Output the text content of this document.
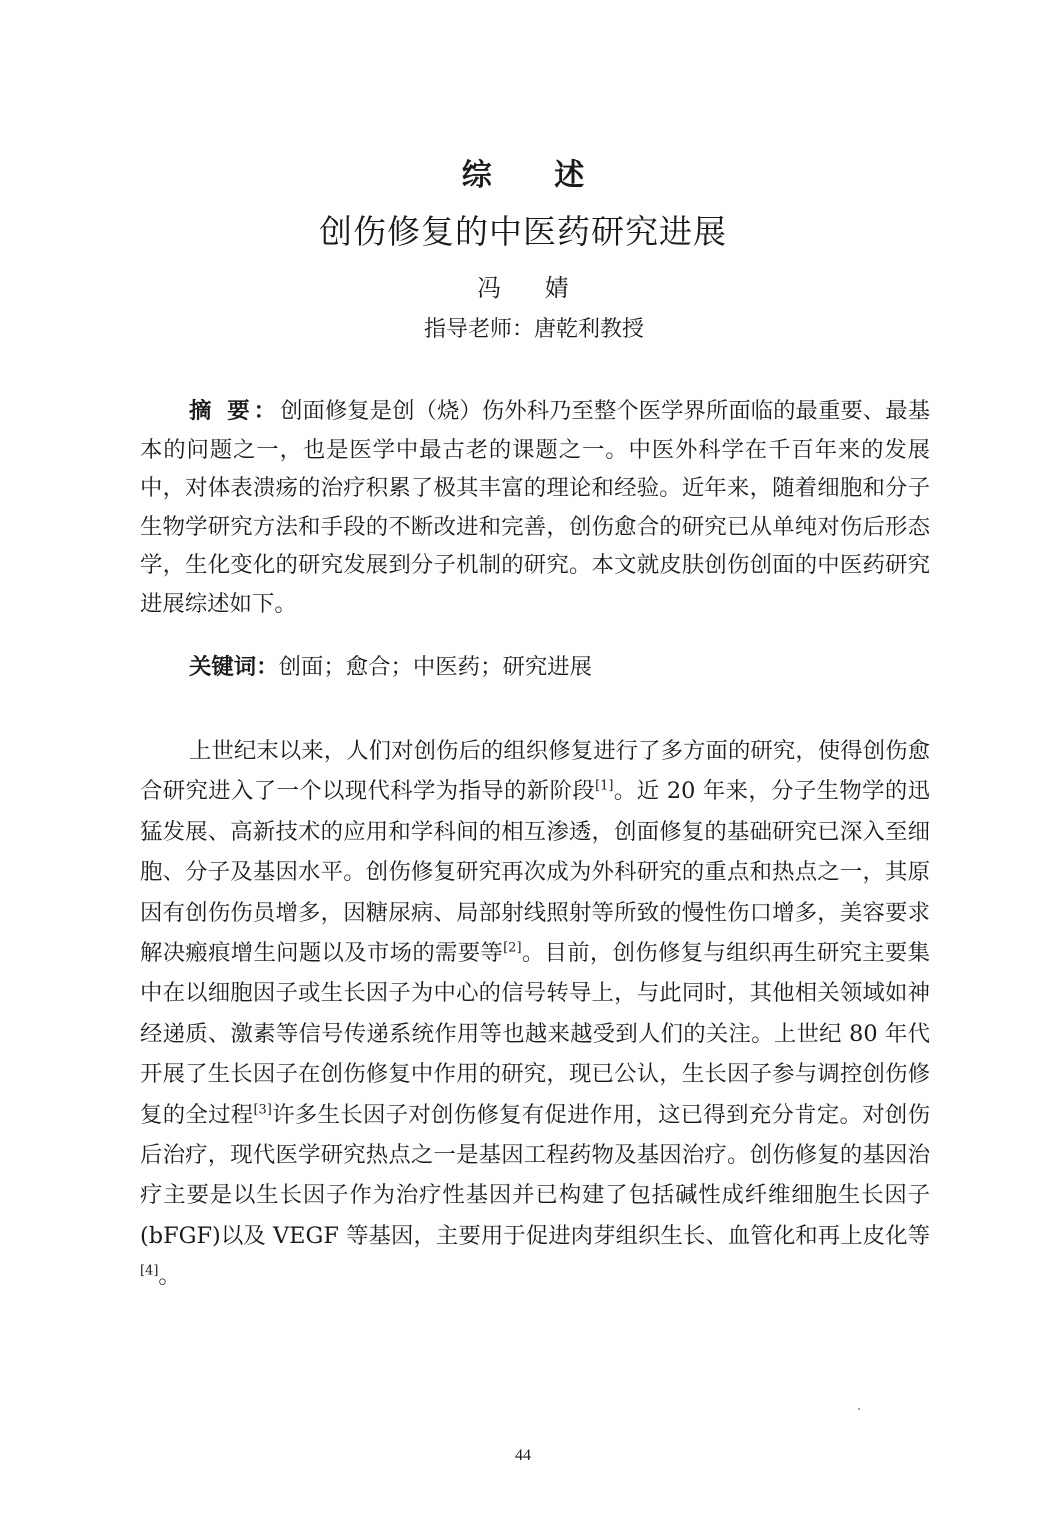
综 述
创伤修复的中医药研究进展
冯 婧
指导老师：唐乾利教授

摘 要：创面修复是创（烧）伤外科乃至整个医学界所面临的最重要、最基本的问题之一，也是医学中最古老的课题之一。中医外科学在千百年来的发展中，对体表溃疡的治疗积累了极其丰富的理论和经验。近年来，随着细胞和分子生物学研究方法和手段的不断改进和完善，创伤愈合的研究已从单纯对伤后形态学，生化变化的研究发展到分子机制的研究。本文就皮肤创伤创面的中医药研究进展综述如下。

关键词：创面；愈合；中医药；研究进展

上世纪末以来，人们对创伤后的组织修复进行了多方面的研究，使得创伤愈合研究进入了一个以现代科学为指导的新阶段[1]。近 20 年来，分子生物学的迅猛发展、高新技术的应用和学科间的相互渗透，创面修复的基础研究已深入至细胞、分子及基因水平。创伤修复研究再次成为外科研究的重点和热点之一，其原因有创伤伤员增多，因糖尿病、局部射线照射等所致的慢性伤口增多，美容要求解决瘢痕增生问题以及市场的需要等[2]。目前，创伤修复与组织再生研究主要集中在以细胞因子或生长因子为中心的信号转导上，与此同时，其他相关领域如神经递质、激素等信号传递系统作用等也越来越受到人们的关注。上世纪 80 年代开展了生长因子在创伤修复中作用的研究，现已公认，生长因子参与调控创伤修复的全过程[3]许多生长因子对创伤修复有促进作用，这已得到充分肯定。对创伤后治疗，现代医学研究热点之一是基因工程药物及基因治疗。创伤修复的基因治疗主要是以生长因子作为治疗性基因并已构建了包括碱性成纤维细胞生长因子(bFGF)以及 VEGF 等基因，主要用于促进肉芽组织生长、血管化和再上皮化等[4]。

44
